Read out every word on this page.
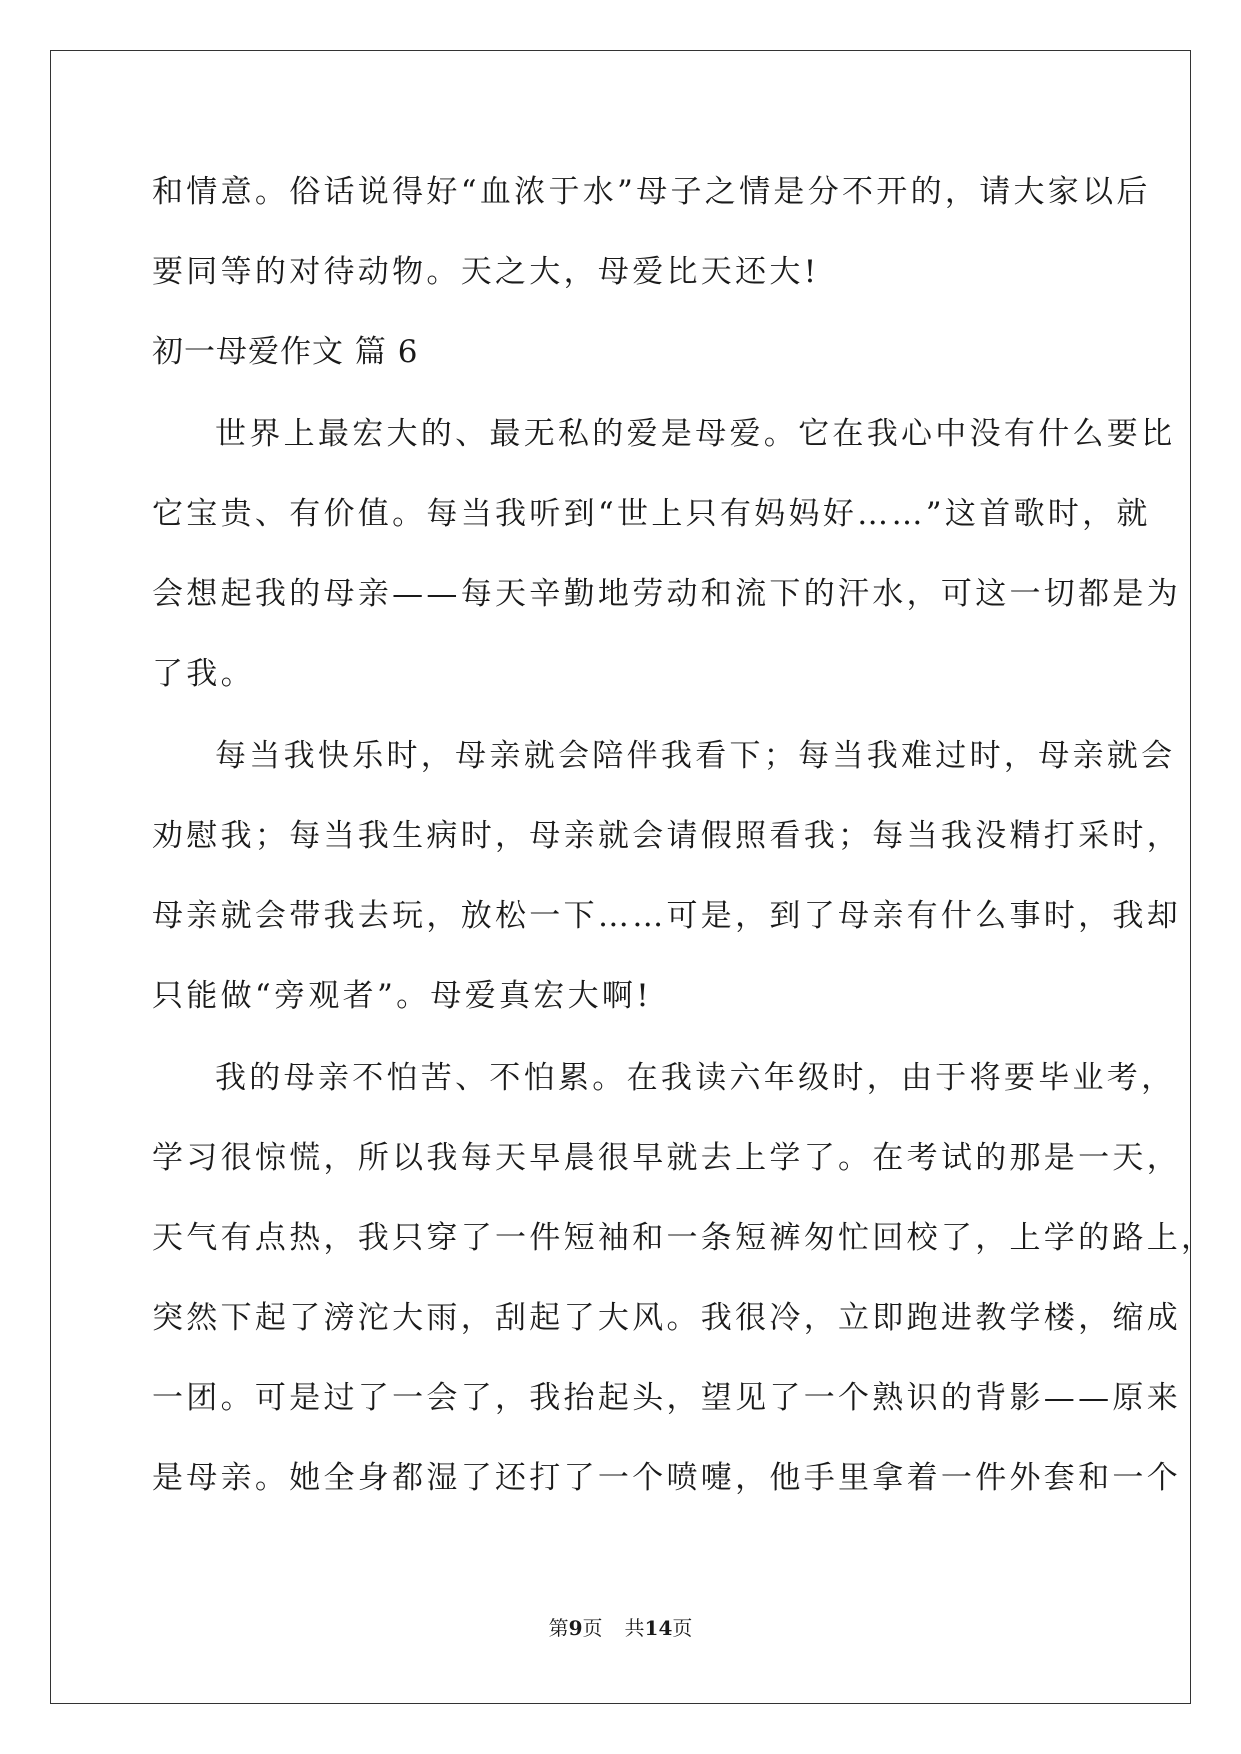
和情意。俗话说得好“血浓于水”母子之情是分不开的，请大家以后
要同等的对待动物。天之大，母爱比天还大!
初一母爱作文 篇 6
世界上最宏大的、最无私的爱是母爱。它在我心中没有什么要比
它宝贵、有价值。每当我听到“世上只有妈妈好……”这首歌时，就
会想起我的母亲——每天辛勤地劳动和流下的汗水，可这一切都是为
了我。
每当我快乐时，母亲就会陪伴我看下；每当我难过时，母亲就会
劝慰我；每当我生病时，母亲就会请假照看我；每当我没精打采时，
母亲就会带我去玩，放松一下……可是，到了母亲有什么事时，我却
只能做“旁观者”。母爱真宏大啊!
我的母亲不怕苦、不怕累。在我读六年级时，由于将要毕业考，
学习很惊慌，所以我每天早晨很早就去上学了。在考试的那是一天，
天气有点热，我只穿了一件短袖和一条短裤匆忙回校了，上学的路上，
突然下起了滂沱大雨，刮起了大风。我很冷，立即跑进教学楼，缩成
一团。可是过了一会了，我抬起头，望见了一个熟识的背影——原来
是母亲。她全身都湿了还打了一个喷嚏，他手里拿着一件外套和一个
第9页 共14页
